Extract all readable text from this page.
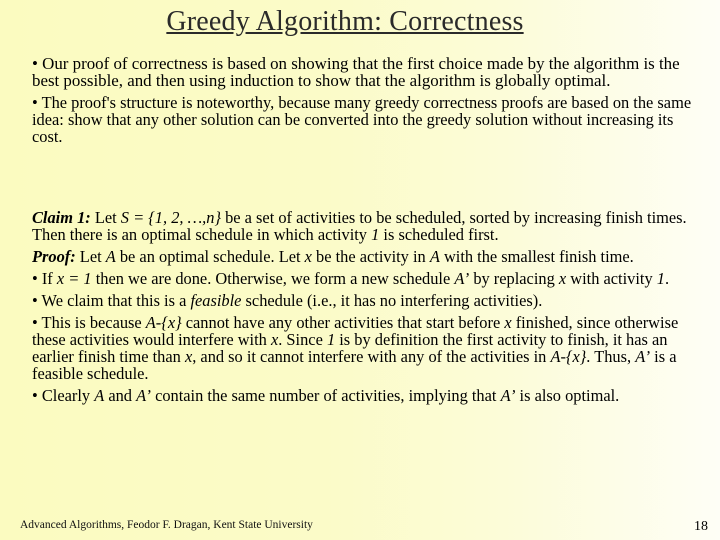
Greedy Algorithm: Correctness

• Our proof of correctness is based on showing that the first choice made by the algorithm is the best possible, and then using induction to show that the algorithm is globally optimal.

• The proof's structure is noteworthy, because many greedy correctness proofs are based on the same idea: show that any other solution can be converted into the greedy solution without increasing its cost.

Claim 1: Let S = {1, 2, …,n} be a set of activities to be scheduled, sorted by increasing finish times. Then there is an optimal schedule in which activity 1 is scheduled first.

Proof: Let A be an optimal schedule. Let x be the activity in A with the smallest finish time.

• If x = 1 then we are done. Otherwise, we form a new schedule A’ by replacing x with activity 1.

• We claim that this is a feasible schedule (i.e., it has no interfering activities).

• This is because A-{x} cannot have any other activities that start before x finished, since otherwise these activities would interfere with x. Since 1 is by definition the first activity to finish, it has an earlier finish time than x, and so it cannot interfere with any of the activities in A-{x}. Thus, A’ is a feasible schedule.

• Clearly A and A’ contain the same number of activities, implying that A’ is also optimal.

Advanced Algorithms, Feodor F. Dragan, Kent State University	18
